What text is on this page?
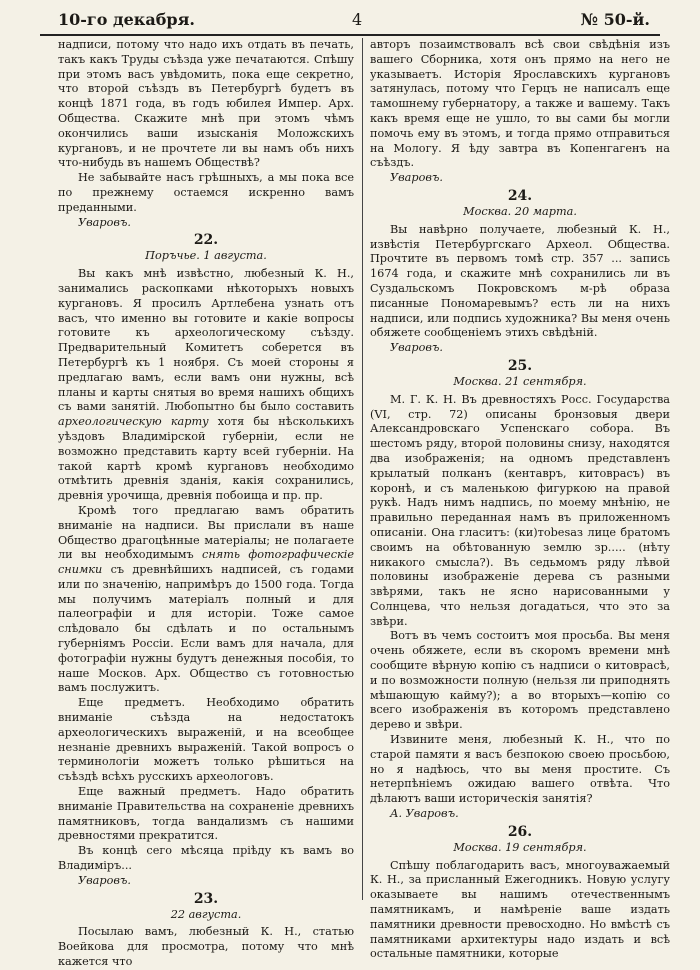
10-го декабря.	4	№ 50-й.

надписи, потому что надо ихъ отдать въ печать, такъ какъ Труды съѣзда уже печатаются. Спѣшу при этомъ васъ увѣдомить, пока еще секретно, что второй съѣздъ въ Петербургѣ будетъ въ концѣ 1871 года, въ годъ юбилея Импер. Арх. Общества. Скажите мнѣ при этомъ чѣмъ окончились ваши изысканія Моложскихъ кургановъ, и не прочтете ли вы намъ объ нихъ что-нибудь въ нашемъ Обществѣ?

Не забывайте насъ грѣшныхъ, а мы пока все по прежнему остаемся искренно вамъ преданными.

Уваровъ.

22.
Поръчье. 1 августа.

Вы какъ мнѣ извѣстно, любезный К. Н., занимались раскопками нѣкоторыхъ новыхъ кургановъ. Я просилъ Артлебена узнать отъ васъ, что именно вы готовите и какіе вопросы готовите къ археологическому съѣзду. Предварительный Комитетъ соберется въ Петербургѣ къ 1 ноября. Съ моей стороны я предлагаю вамъ, если вамъ они нужны, всѣ планы и карты снятыя во время нашихъ общихъ съ вами занятій. Любопытно бы было составить археологическую карту хотя бы нѣсколькихъ уѣздовъ Владимірской губерніи, если не возможно представить карту всей губерніи. На такой картѣ кромѣ кургановъ необходимо отмѣтить древнія зданія, какія сохранились, древнія урочища, древнія побоища и пр. пр.

Кромѣ того предлагаю вамъ обратить вниманіе на надписи. Вы прислали въ наше Общество драгоцѣнные матеріалы; не полагаете ли вы необходимымъ снять фотографическіе снимки съ древнѣйшихъ надписей, съ годами или по значенію, напримѣръ до 1500 года. Тогда мы получимъ матеріалъ полный и для палеографіи и для исторіи. Тоже самое слѣдовало бы сдѣлать и по остальнымъ губерніямъ Россіи. Если вамъ для начала, для фотографіи нужны будутъ денежныя пособія, то наше Москов. Арх. Общество съ готовностью вамъ послужитъ.

Еще предметъ. Необходимо обратить вниманіе съѣзда на недостатокъ археологическихъ выраженій, и на всеобщее незнаніе древнихъ выраженій. Такой вопросъ о терминологіи можетъ только рѣшиться на съѣздѣ всѣхъ русскихъ археологовъ.

Еще важный предметъ. Надо обратить вниманіе Правительства на сохраненіе древнихъ памятниковъ, тогда вандализмъ съ нашими древностями прекратится.

Въ концѣ сего мѣсяца пріѣду къ вамъ во Владиміръ...

Уваровъ.

23.
22 августа.

Посылаю вамъ, любезный К. Н., статью Воейкова для просмотра, потому что мнѣ кажется что

авторъ позаимствовалъ всѣ свои свѣдѣнія изъ вашего Сборника, хотя онъ прямо на него не указываетъ. Исторія Ярославскихъ кургановъ затянулась, потому что Герцъ не написалъ еще тамошнему губернатору, а также и вашему. Такъ какъ время еще не ушло, то вы сами бы могли помочь ему въ этомъ, и тогда прямо отправиться на Мологу. Я ѣду завтра въ Копенгагенъ на съѣздъ.

Уваровъ.

24.
Москва. 20 марта.

Вы навѣрно получаете, любезный К. Н., извѣстія Петербургскаго Археол. Общества. Прочтите въ первомъ томѣ стр. 357 ... запись 1674 года, и скажите мнѣ сохранились ли въ Суздальскомъ Покровскомъ м-рѣ образа писанные Пономаревымъ? есть ли на нихъ надписи, или подпись художника? Вы меня очень обяжете сообщеніемъ этихъ свѣдѣній.

Уваровъ.

25.
Москва. 21 сентября.

М. Г. К. Н. Въ древностяхъ Росс. Государства (VI, стр. 72) описаны бронзовыя двери Александровскаго Успенскаго собора. Въ шестомъ ряду, второй половины снизу, находятся два изображенія; на одномъ представленъ крылатый полканъ (кентавръ, китоврасъ) въ коронѣ, и съ маленькою фигуркою на правой рукѣ. Надъ нимъ надпись, по моему мнѣнію, не правильно переданная намъ въ приложенномъ описаніи. Она гласитъ: (ки)тоbesaз лице братомъ своимъ на обѣтованную землю зр..... (нѣту никакого смысла?). Въ седьмомъ ряду лѣвой половины изображеніе дерева съ разными звѣрями, такъ не ясно нарисованными у Солнцева, что нельзя догадаться, что это за звѣри.

Вотъ въ чемъ состоитъ моя просьба. Вы меня очень обяжете, если въ скоромъ времени мнѣ сообщите вѣрную копію съ надписи о китоврасѣ, и по возможности полную (нельзя ли приподнять мѣшающую кайму?); а во вторыхъ—копію со всего изображенія въ которомъ представлено дерево и звѣри.

Извините меня, любезный К. Н., что по старой памяти я васъ безпокою своею просьбою, но я надѣюсь, что вы меня простите. Съ нетерпѣніемъ ожидаю вашего отвѣта. Что дѣлаютъ ваши историческія занятія?

А. Уваровъ.

26.
Москва. 19 сентября.

Спѣшу поблагодарить васъ, многоуважаемый К. Н., за присланный Ежегодникъ. Новую услугу оказываете вы нашимъ отечественнымъ памятникамъ, и намѣреніе ваше издать памятники древности превосходно. Но вмѣстѣ съ памятниками архитектуры надо издать и всѣ остальные памятники, которые
